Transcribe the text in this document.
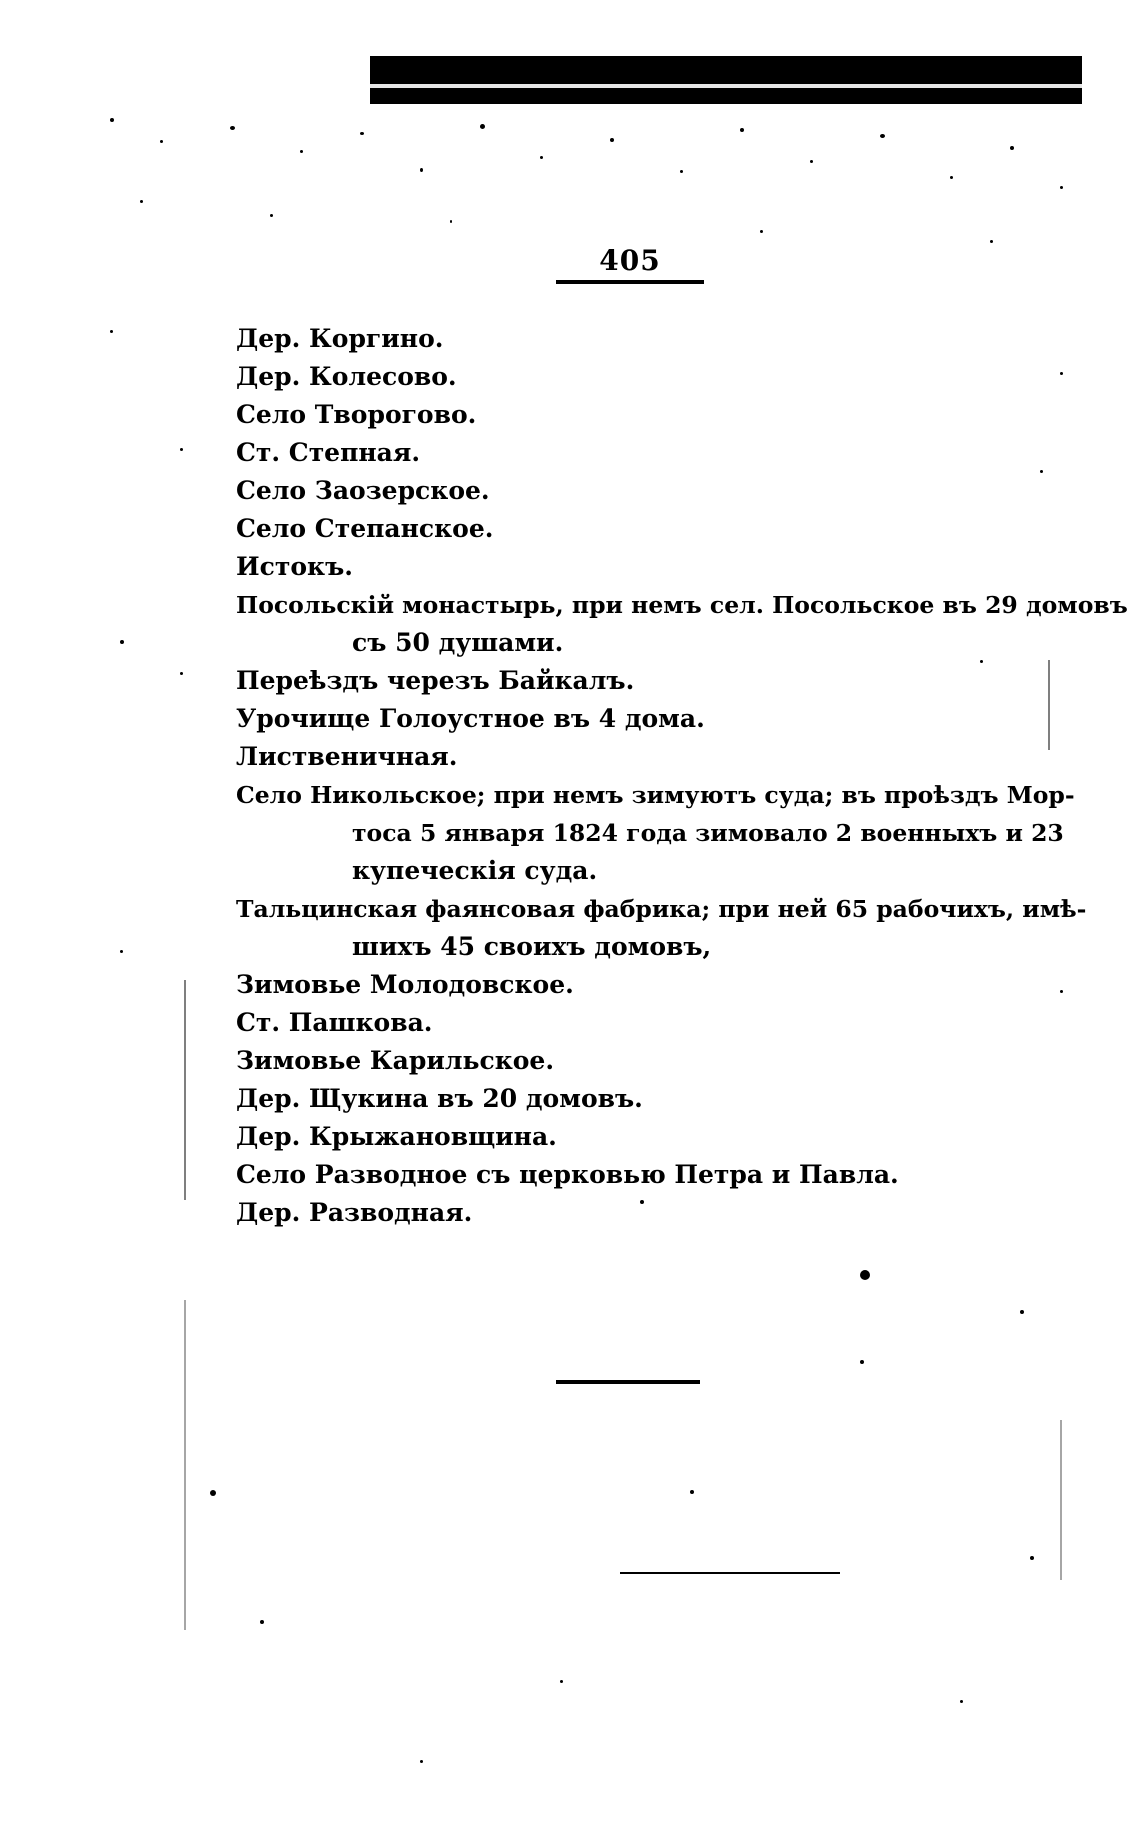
405
Дер. Коргино.
Дер. Колесово.
Село Творогово.
Ст. Степная.
Село Заозерское.
Село Степанское.
Истокъ.
Посольскій монастырь, при немъ сел. Посольское въ 29 домовъ
съ 50 душами.
Переѣздъ черезъ Байкалъ.
Урочище Голоустное въ 4 дома.
Лиственичная.
Село Никольское; при немъ зимуютъ суда; въ проѣздъ Мор-
тоса 5 января 1824 года зимовало 2 военныхъ и 23
купеческія суда.
Тальцинская фаянсовая фабрика; при ней 65 рабочихъ, имѣ-
шихъ 45 своихъ домовъ,
Зимовье Молодовское.
Ст. Пашкова.
Зимовье Карильское.
Дер. Щукина въ 20 домовъ.
Дер. Крыжановщина.
Село Разводное съ церковью Петра и Павла.
Дер. Разводная.
